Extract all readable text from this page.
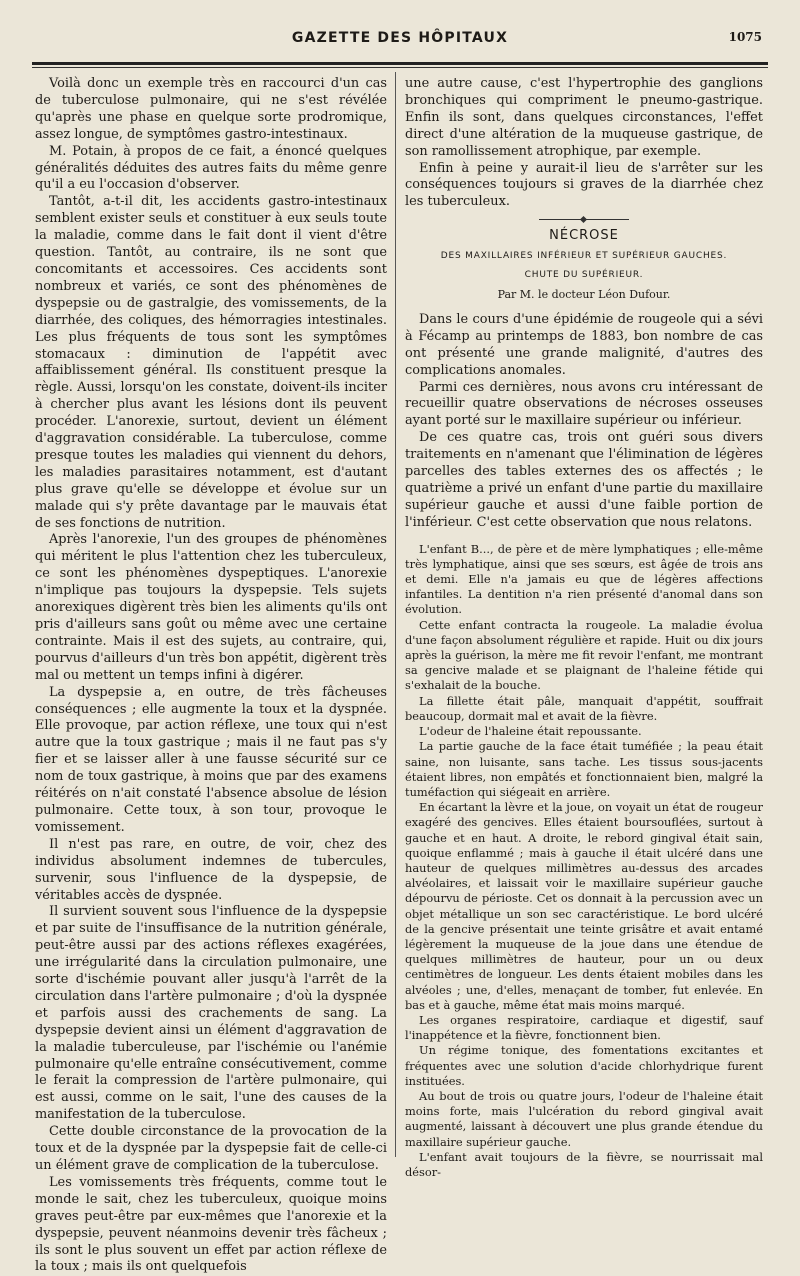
GAZETTE DES HÔPITAUX	1075

Voilà donc un exemple très en raccourci d'un cas de tuberculose pulmonaire, qui ne s'est révélée qu'après une phase en quelque sorte prodromique, assez longue, de symptômes gastro-intestinaux.

M. Potain, à propos de ce fait, a énoncé quelques généralités déduites des autres faits du même genre qu'il a eu l'occasion d'observer.

Tantôt, a-t-il dit, les accidents gastro-intestinaux semblent exister seuls et constituer à eux seuls toute la maladie, comme dans le fait dont il vient d'être question. Tantôt, au contraire, ils ne sont que concomitants et accessoires. Ces accidents sont nombreux et variés, ce sont des phénomènes de dyspepsie ou de gastralgie, des vomissements, de la diarrhée, des coliques, des hémorragies intestinales. Les plus fréquents de tous sont les symptômes stomacaux : diminution de l'appétit avec affaiblissement général. Ils constituent presque la règle. Aussi, lorsqu'on les constate, doivent-ils inciter à chercher plus avant les lésions dont ils peuvent procéder. L'anorexie, surtout, devient un élément d'aggravation considérable. La tuberculose, comme presque toutes les maladies qui viennent du dehors, les maladies parasitaires notamment, est d'autant plus grave qu'elle se développe et évolue sur un malade qui s'y prête davantage par le mauvais état de ses fonctions de nutrition.

Après l'anorexie, l'un des groupes de phénomènes qui méritent le plus l'attention chez les tuberculeux, ce sont les phénomènes dyspeptiques. L'anorexie n'implique pas toujours la dyspepsie. Tels sujets anorexiques digèrent très bien les aliments qu'ils ont pris d'ailleurs sans goût ou même avec une certaine contrainte. Mais il est des sujets, au contraire, qui, pourvus d'ailleurs d'un très bon appétit, digèrent très mal ou mettent un temps infini à digérer.

La dyspepsie a, en outre, de très fâcheuses conséquences ; elle augmente la toux et la dyspnée. Elle provoque, par action réflexe, une toux qui n'est autre que la toux gastrique ; mais il ne faut pas s'y fier et se laisser aller à une fausse sécurité sur ce nom de toux gastrique, à moins que par des examens réitérés on n'ait constaté l'absence absolue de lésion pulmonaire. Cette toux, à son tour, provoque le vomissement.

Il n'est pas rare, en outre, de voir, chez des individus absolument indemnes de tubercules, survenir, sous l'influence de la dyspepsie, de véritables accès de dyspnée.

Il survient souvent sous l'influence de la dyspepsie et par suite de l'insuffisance de la nutrition générale, peut-être aussi par des actions réflexes exagérées, une irrégularité dans la circulation pulmonaire, une sorte d'ischémie pouvant aller jusqu'à l'arrêt de la circulation dans l'artère pulmonaire ; d'où la dyspnée et parfois aussi des crachements de sang. La dyspepsie devient ainsi un élément d'aggravation de la maladie tuberculeuse, par l'ischémie ou l'anémie pulmonaire qu'elle entraîne consécutivement, comme le ferait la compression de l'artère pulmonaire, qui est aussi, comme on le sait, l'une des causes de la manifestation de la tuberculose.

Cette double circonstance de la provocation de la toux et de la dyspnée par la dyspepsie fait de celle-ci un élément grave de complication de la tuberculose.

Les vomissements très fréquents, comme tout le monde le sait, chez les tuberculeux, quoique moins graves peut-être par eux-mêmes que l'anorexie et la dyspepsie, peuvent néanmoins devenir très fâcheux ; ils sont le plus souvent un effet par action réflexe de la toux ; mais ils ont quelquefois

une autre cause, c'est l'hypertrophie des ganglions bronchiques qui compriment le pneumo-gastrique. Enfin ils sont, dans quelques circonstances, l'effet direct d'une altération de la muqueuse gastrique, de son ramollissement atrophique, par exemple.

Enfin à peine y aurait-il lieu de s'arrêter sur les conséquences toujours si graves de la diarrhée chez les tuberculeux.

NÉCROSE
DES MAXILLAIRES INFÉRIEUR ET SUPÉRIEUR GAUCHES.
CHUTE DU SUPÉRIEUR.
Par M. le docteur Léon Dufour.

Dans le cours d'une épidémie de rougeole qui a sévi à Fécamp au printemps de 1883, bon nombre de cas ont présenté une grande malignité, d'autres des complications anomales.

Parmi ces dernières, nous avons cru intéressant de recueillir quatre observations de nécroses osseuses ayant porté sur le maxillaire supérieur ou inférieur.

De ces quatre cas, trois ont guéri sous divers traitements en n'amenant que l'élimination de légères parcelles des tables externes des os affectés ; le quatrième a privé un enfant d'une partie du maxillaire supérieur gauche et aussi d'une faible portion de l'inférieur. C'est cette observation que nous relatons.

L'enfant B..., de père et de mère lymphatiques ; elle-même très lymphatique, ainsi que ses sœurs, est âgée de trois ans et demi. Elle n'a jamais eu que de légères affections infantiles. La dentition n'a rien présenté d'anomal dans son évolution.

Cette enfant contracta la rougeole. La maladie évolua d'une façon absolument régulière et rapide. Huit ou dix jours après la guérison, la mère me fit revoir l'enfant, me montrant sa gencive malade et se plaignant de l'haleine fétide qui s'exhalait de la bouche.

La fillette était pâle, manquait d'appétit, souffrait beaucoup, dormait mal et avait de la fièvre.

L'odeur de l'haleine était repoussante.

La partie gauche de la face était tuméfiée ; la peau était saine, non luisante, sans tache. Les tissus sous-jacents étaient libres, non empâtés et fonctionnaient bien, malgré la tuméfaction qui siégeait en arrière.

En écartant la lèvre et la joue, on voyait un état de rougeur exagéré des gencives. Elles étaient boursouflées, surtout à gauche et en haut. A droite, le rebord gingival était sain, quoique enflammé ; mais à gauche il était ulcéré dans une hauteur de quelques millimètres au-dessus des arcades alvéolaires, et laissait voir le maxillaire supérieur gauche dépourvu de périoste. Cet os donnait à la percussion avec un objet métallique un son sec caractéristique. Le bord ulcéré de la gencive présentait une teinte grisâtre et avait entamé légèrement la muqueuse de la joue dans une étendue de quelques millimètres de hauteur, pour un ou deux centimètres de longueur. Les dents étaient mobiles dans les alvéoles ; une, d'elles, menaçant de tomber, fut enlevée. En bas et à gauche, même état mais moins marqué.

Les organes respiratoire, cardiaque et digestif, sauf l'inappétence et la fièvre, fonctionnent bien.

Un régime tonique, des fomentations excitantes et fréquentes avec une solution d'acide chlorhydrique furent instituées.

Au bout de trois ou quatre jours, l'odeur de l'haleine était moins forte, mais l'ulcération du rebord gingival avait augmenté, laissant à découvert une plus grande étendue du maxillaire supérieur gauche.

L'enfant avait toujours de la fièvre, se nourrissait mal désor-
